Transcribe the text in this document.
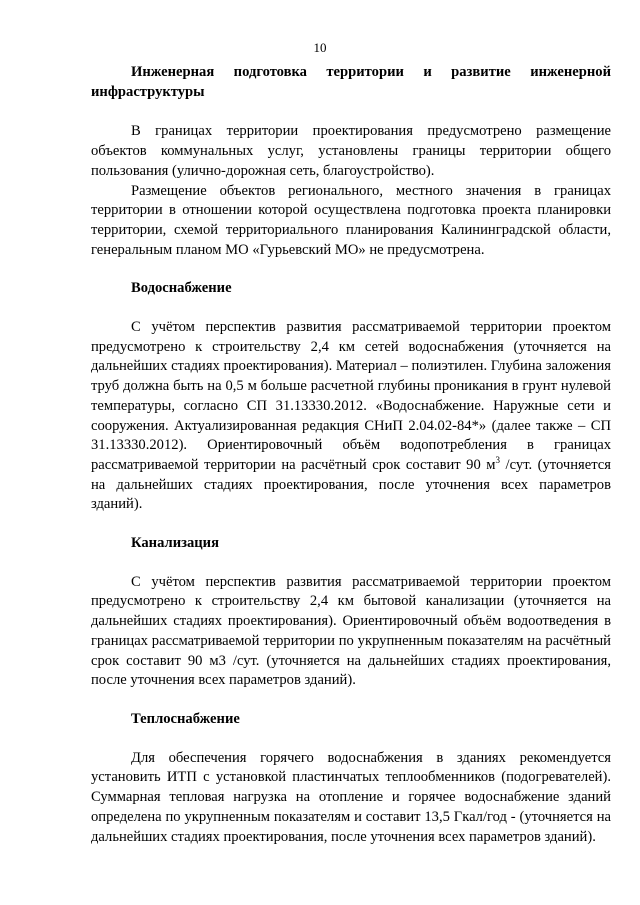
10

Инженерная подготовка территории и развитие инженерной инфраструктуры

В границах территории проектирования предусмотрено размещение объектов коммунальных услуг, установлены границы территории общего пользования (улично-дорожная сеть, благоустройство).

Размещение объектов регионального, местного значения в границах территории в отношении которой осуществлена подготовка проекта планировки территории, схемой территориального планирования Калининградской области, генеральным планом МО «Гурьевский МО» не предусмотрена.

Водоснабжение

С учётом перспектив развития рассматриваемой территории проектом предусмотрено к строительству 2,4 км сетей водоснабжения (уточняется на дальнейших стадиях проектирования). Материал – полиэтилен. Глубина заложения труб должна быть на 0,5 м больше расчетной глубины проникания в грунт нулевой температуры, согласно СП 31.13330.2012. «Водоснабжение. Наружные сети и сооружения. Актуализированная редакция СНиП 2.04.02-84*» (далее также – СП 31.13330.2012). Ориентировочный объём водопотребления в границах рассматриваемой территории на расчётный срок составит 90 $м^3$ /сут. (уточняется на дальнейших стадиях проектирования, после уточнения всех параметров зданий).

Канализация

С учётом перспектив развития рассматриваемой территории проектом предусмотрено к строительству 2,4 км бытовой канализации (уточняется на дальнейших стадиях проектирования). Ориентировочный объём водоотведения в границах рассматриваемой территории по укрупненным показателям на расчётный срок составит 90 м3 /сут. (уточняется на дальнейших стадиях проектирования, после уточнения всех параметров зданий).

Теплоснабжение

Для обеспечения горячего водоснабжения в зданиях рекомендуется установить ИТП с установкой пластинчатых теплообменников (подогревателей). Суммарная тепловая нагрузка на отопление и горячее водоснабжение зданий определена по укрупненным показателям и составит 13,5 Гкал/год - (уточняется на дальнейших стадиях проектирования, после уточнения всех параметров зданий).
